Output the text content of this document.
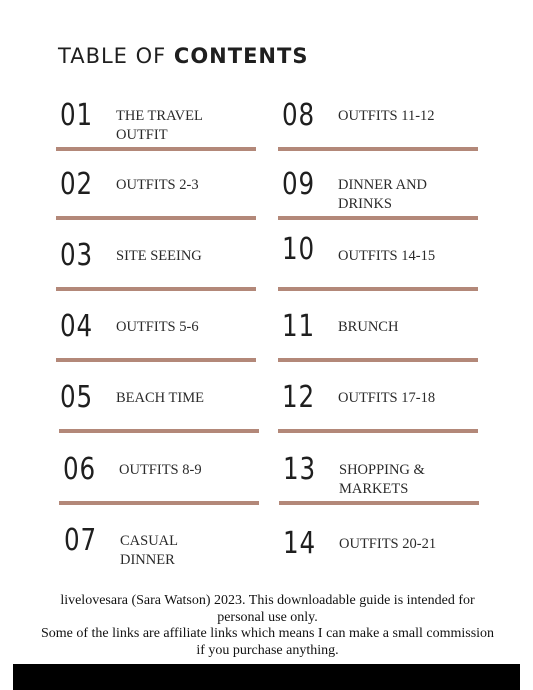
TABLE OF CONTENTS
01 THE TRAVEL OUTFIT
02 OUTFITS 2-3
03 SITE SEEING
04 OUTFITS 5-6
05 BEACH TIME
06 OUTFITS 8-9
07 CASUAL DINNER
08 OUTFITS 11-12
09 DINNER AND DRINKS
10 OUTFITS 14-15
11 BRUNCH
12 OUTFITS 17-18
13 SHOPPING & MARKETS
14 OUTFITS 20-21

livelovesara (Sara Watson) 2023. This downloadable guide is intended for personal use only.

Some of the links are affiliate links which means I can make a small commission if you purchase anything.
